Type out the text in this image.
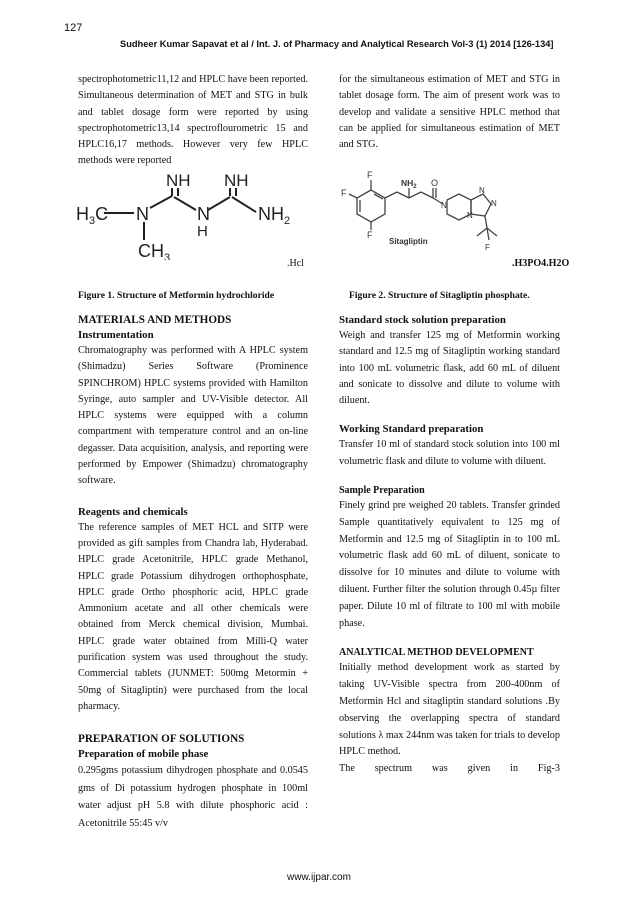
127
Sudheer Kumar Sapavat et al / Int. J. of Pharmacy and Analytical Research Vol-3 (1) 2014 [126-134]
spectrophotometric11,12 and HPLC have been reported. Simultaneous determination of MET and STG in bulk and tablet dosage form were reported by using spectrophotometric13,14 spectroflourometric 15 and HPLC16,17 methods. However very few HPLC methods were reported
for the simultaneous estimation of MET and STG in tablet dosage form. The aim of present work was to develop and validate a sensitive HPLC method that can be applied for simultaneous estimation of MET and STG.
NH NH
$H_3C$ N	N
H
$NH_2$
$CH_3$	.Hcl
Figure 1. Structure of Metformin hydrochloride
F
F
F
$NH_2$ O
N
N
N
N
F
Sitagliptin
.H3PO4.H2O
Figure 2. Structure of Sitagliptin phosphate.
MATERIALS AND METHODS
Instrumentation

Chromatography was performed with A HPLC system (Shimadzu) Series Software (Prominence SPINCHROM) HPLC systems provided with Hamilton Syringe, auto sampler and UV-Visible detector. All HPLC systems were equipped with a column compartment with temperature control and an on-line degasser. Data acquisition, analysis, and reporting were performed by Empower (Shimadzu) chromatography software.

Reagents and chemicals

The reference samples of MET HCL and SITP were provided as gift samples from Chandra lab, Hyderabad. HPLC grade Acetonitrile, HPLC grade Methanol, HPLC grade Potassium dihydrogen orthophosphate, HPLC grade Ortho phosphoric acid, HPLC grade Ammonium acetate and all other chemicals were obtained from Merck chemical division, Mumbai. HPLC grade water obtained from Milli-Q water purification system was used throughout the study. Commercial tablets (JUNMET: 500mg Metormin + 50mg of Sitagliptin) were purchased from the local pharmacy.

PREPARATION OF SOLUTIONS
Preparation of mobile phase

0.295gms potassium dihydrogen phosphate and 0.0545 gms of Di potassium hydrogen phosphate in 100ml water adjust pH 5.8 with dilute phosphoric acid : Acetonitrile 55:45 v/v

Standard stock solution preparation

Weigh and transfer 125 mg of Metformin working standard and 12.5 mg of Sitagliptin working standard into 100 mL volumetric flask, add 60 mL of diluent and sonicate to dissolve and dilute to volume with diluent.

Working Standard preparation

Transfer 10 ml of standard stock solution into 100 ml volumetric flask and dilute to volume with diluent.

Sample Preparation

Finely grind pre weighed 20 tablets. Transfer grinded Sample quantitatively equivalent to 125 mg of Metformin and 12.5 mg of Sitagliptin in to 100 mL volumetric flask add 60 mL of diluent, sonicate to dissolve for 10 minutes and dilute to volume with diluent. Further filter the solution through 0.45µ filter paper. Dilute 10 ml of filtrate to 100 ml with mobile phase.

ANALYTICAL METHOD DEVELOPMENT

Initially method development work as started by taking UV-Visible spectra from 200-400nm of Metformin Hcl and sitagliptin standard solutions .By observing the overlapping spectra of standard solutions λ max 244nm was taken for trials to develop HPLC method.

The spectrum was given in Fig-3

www.ijpar.com
